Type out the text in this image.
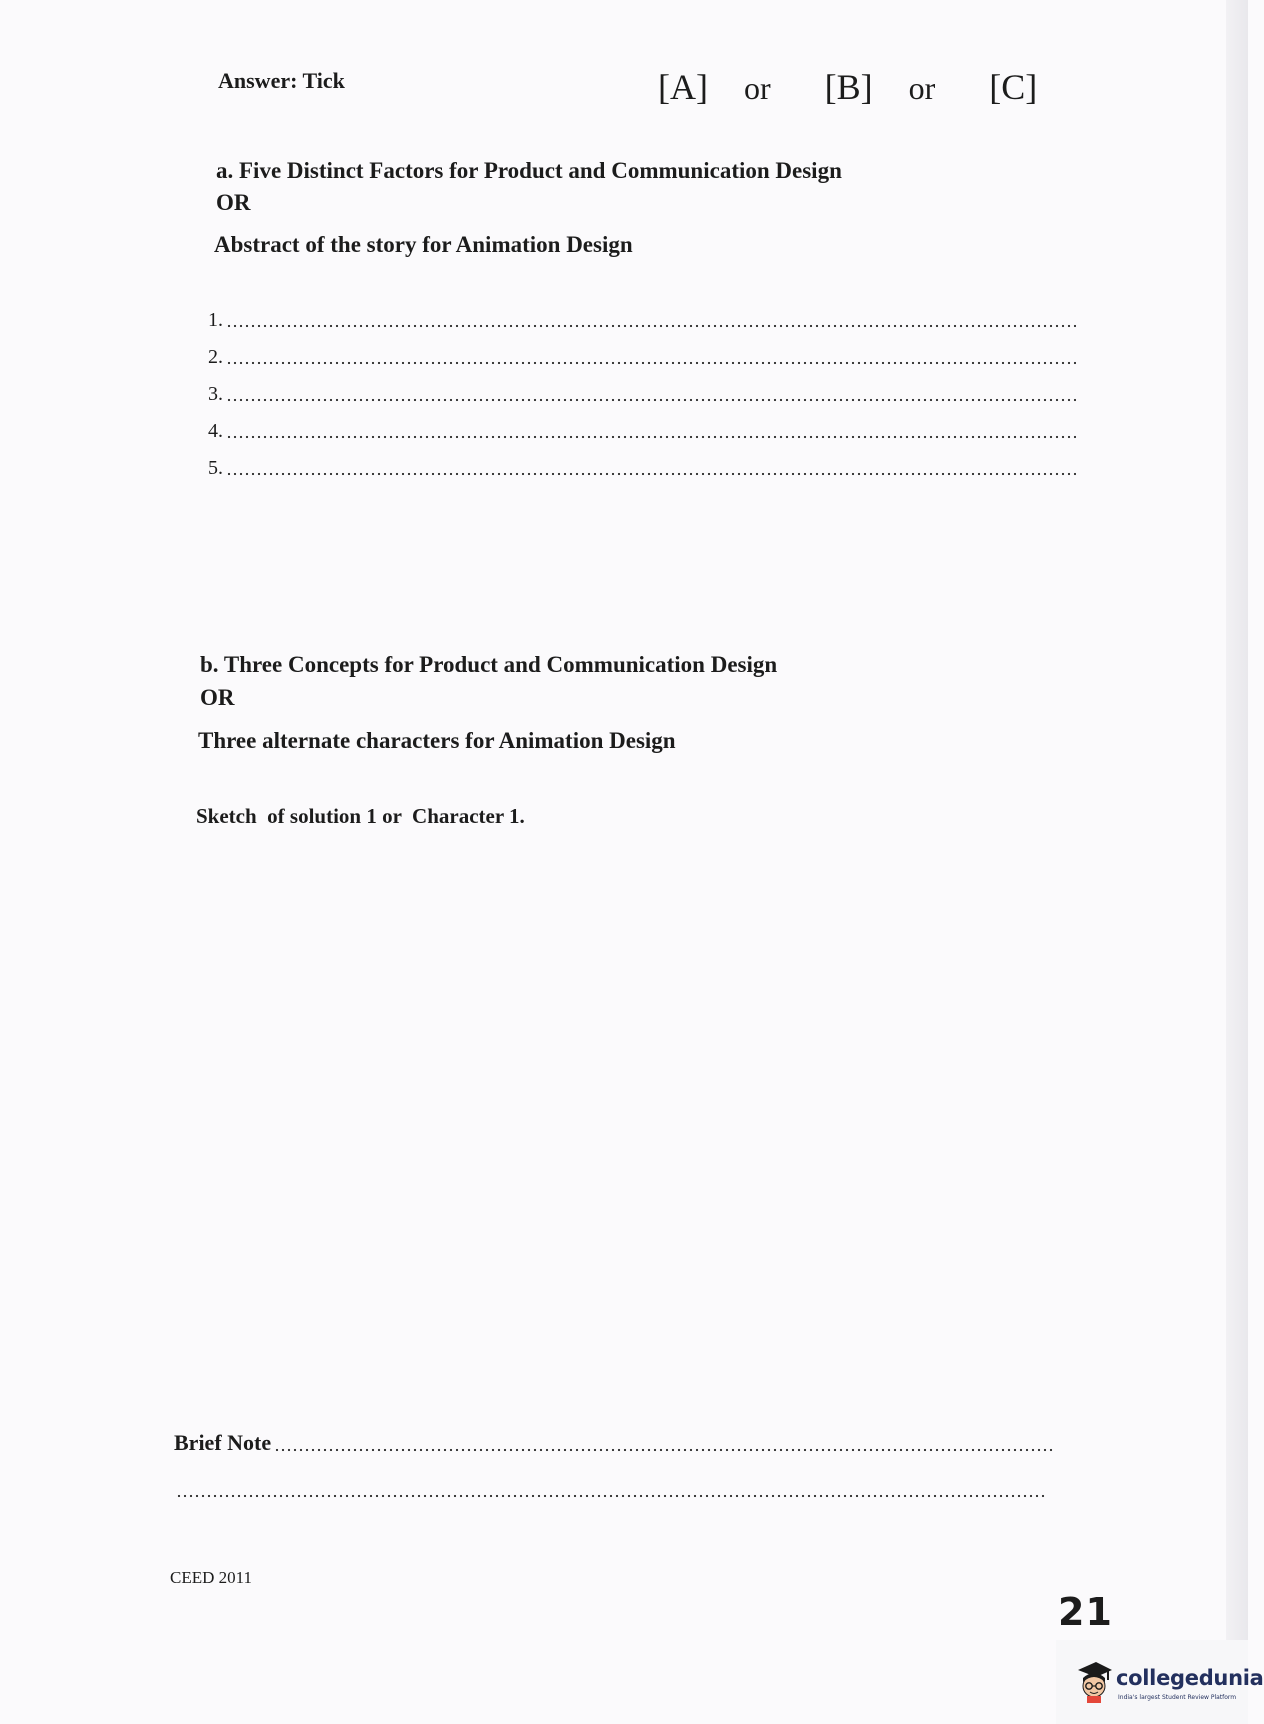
Answer: Tick	[A] or [B] or [C]
a. Five Distinct Factors for Product and Communication Design
OR
Abstract of the story for Animation Design
1.
2.
3.
4.
5.
b. Three Concepts for Product and Communication Design
OR
Three alternate characters for Animation Design
Sketch  of solution 1 or  Character 1.
Brief Note
CEED 2011
21
collegedunia
India's largest Student Review Platform
